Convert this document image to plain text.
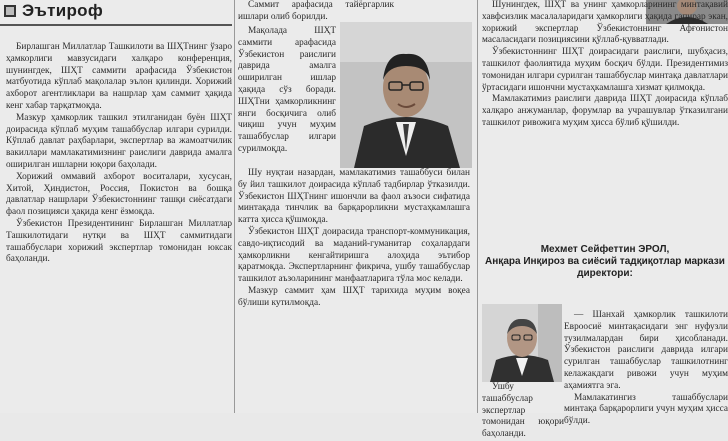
Эътироф

Бирлашган Миллатлар Ташкилоти ва ШҲТнинг ўзаро ҳамкорлиги мавзусидаги халқаро конференция, шунингдек, ШҲТ саммити арафасида Ўзбекистон матбуотида кўплаб мақолалар эълон қилинди. Хорижий ахборот агентликлари ва нашрлар ҳам саммит ҳақида кенг хабар тарқатмоқда.

Мазкур ҳамкорлик ташкил этилганидан буён ШҲТ доирасида кўплаб муҳим ташаббуслар илгари сурилди. Кўплаб давлат раҳбарлари, экспертлар ва жамоатчилик вакиллари мамлакатимизнинг раислиги даврида амалга оширилган ишларни юқори баҳолади.

Хорижий оммавий ахборот воситалари, хусусан, Хитой, Ҳиндистон, Россия, Покистон ва бошқа давлатлар нашрлари Ўзбекистоннинг ташқи сиёсатдаги фаол позицияси ҳақида кенг ёзмоқда.

Ўзбекистон Президентининг Бирлашган Миллатлар Ташкилотидаги нутқи ва ШҲТ саммитидаги ташаббуслари хорижий экспертлар томонидан юксак баҳоланди.

Саммит арафасида тайёргарлик ишлари олиб борилди.

Мақолада ШҲТ саммити арафасида Ўзбекистон раислиги даврида амалга оширилган ишлар ҳақида сўз боради. ШҲТни ҳамкорликнинг янги босқичига олиб чиқиш учун муҳим ташаббуслар илгари сурилмоқда.

Шу нуқтаи назардан, мамлакатимиз ташаббуси билан бу йил ташкилот доирасида кўплаб тадбирлар ўтказилди. Ўзбекистон ШҲТнинг ишончли ва фаол аъзоси сифатида минтақада тинчлик ва барқарорликни мустаҳкамлашга катта ҳисса қўшмоқда.

Ўзбекистон ШҲТ доирасида транспорт-коммуникация, савдо-иқтисодий ва маданий-гуманитар соҳалардаги ҳамкорликни кенгайтиришга алоҳида эътибор қаратмоқда. Экспертларнинг фикрича, ушбу ташаббуслар ташкилот аъзоларининг манфаатларига тўла мос келади.

Мазкур саммит ҳам ШҲТ тарихида муҳим воқеа бўлиши кутилмоқда.

Шунингдек, ШҲТ ва унинг ҳамкорларининг минтақавий хавфсизлик масалаларидаги ҳамкорлиги ҳақида гапирар экан, хорижий экспертлар Ўзбекистоннинг Афғонистон масаласидаги позициясини қўллаб-қувватлади.

Ўзбекистоннинг ШҲТ доирасидаги раислиги, шубҳасиз, ташкилот фаолиятида муҳим босқич бўлди. Президентимиз томонидан илгари сурилган ташаббуслар минтақа давлатлари ўртасидаги ишончни мустаҳкамлашга хизмат қилмоқда.

Мамлакатимиз раислиги даврида ШҲТ доирасида кўплаб халқаро анжуманлар, форумлар ва учрашувлар ўтказилгани ташкилот ривожига муҳим ҳисса бўлиб қўшилди.

Мехмет Сейфеттин ЭРОЛ,
Анқара Инқироз ва сиёсий тадқиқотлар маркази директори:

— Шанхай ҳамкорлик ташкилоти Евроосиё минтақасидаги энг нуфузли тузилмалардан бири ҳисобланади. Ўзбекистон раислиги даврида илгари сурилган ташаббуслар ташкилотнинг келажакдаги ривожи учун муҳим аҳамиятга эга.

Мамлакатингиз ташаббуслари минтақа барқарорлиги учун муҳим ҳисса бўлди.

Ушбу ташаббуслар экспертлар томонидан юқори баҳоланди.
